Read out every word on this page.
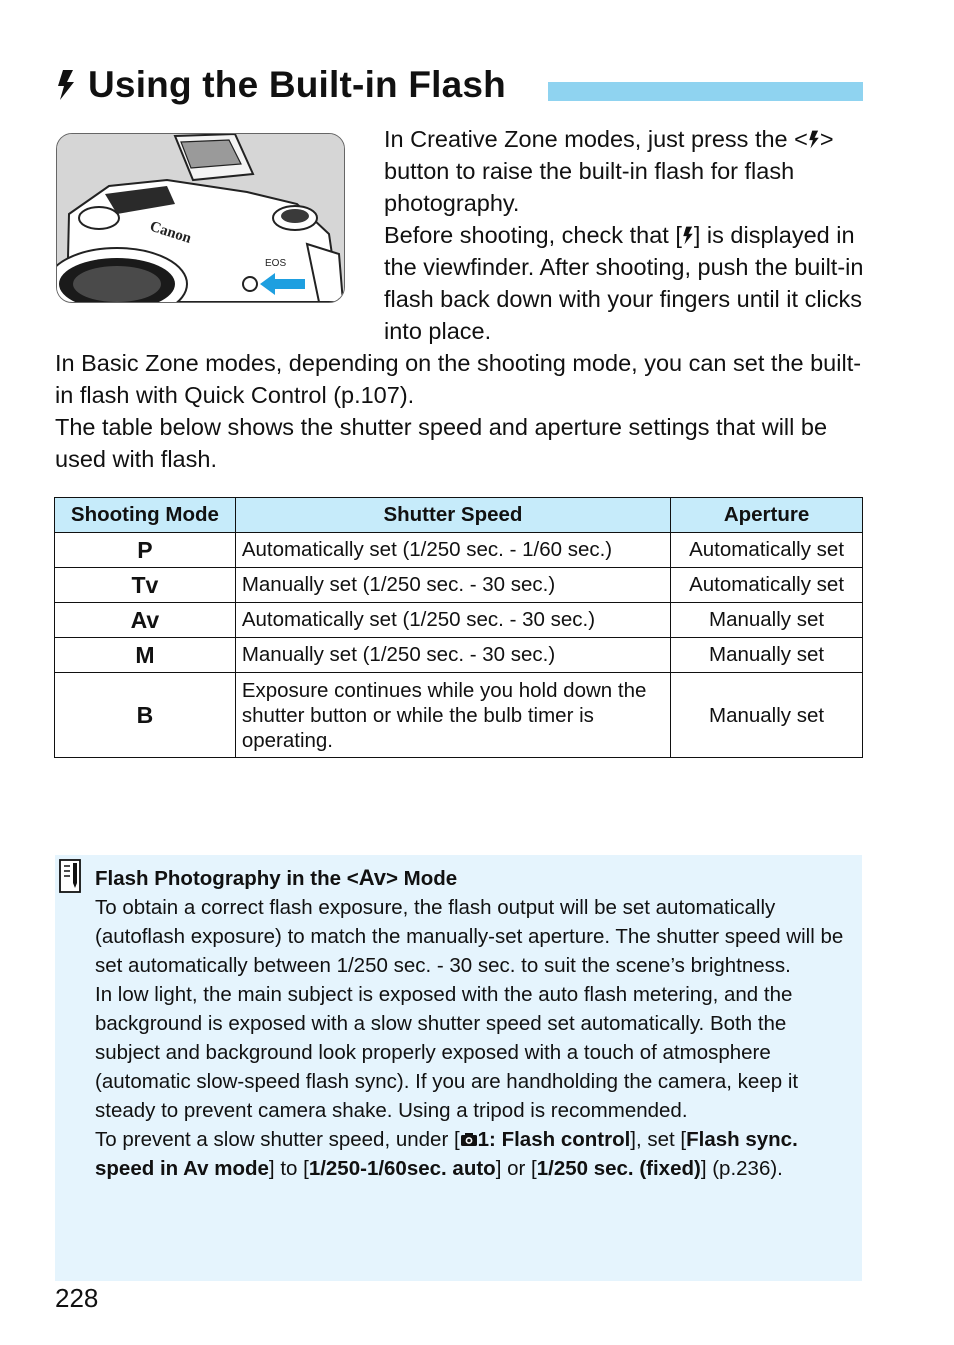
Using the Built-in Flash
Canon
EOS

In Creative Zone modes, just press the < > button to raise the built-in flash for flash photography.

Before shooting, check that [ ] is displayed in the viewfinder. After shooting, push the built-in flash back down with your fingers until it clicks into place.

In Basic Zone modes, depending on the shooting mode, you can set the built-in flash with Quick Control (p.107).

The table below shows the shutter speed and aperture settings that will be used with flash.

Shooting Mode	Shutter Speed	Aperture
P	Automatically set (1/250 sec. - 1/60 sec.)	Automatically set
Tv	Manually set (1/250 sec. - 30 sec.)	Automatically set
Av	Automatically set (1/250 sec. - 30 sec.)	Manually set
M	Manually set (1/250 sec. - 30 sec.)	Manually set
B	Exposure continues while you hold down the shutter button or while the bulb timer is operating.	Manually set

Flash Photography in the <Av> Mode

To obtain a correct flash exposure, the flash output will be set automatically (autoflash exposure) to match the manually-set aperture. The shutter speed will be set automatically between 1/250 sec. - 30 sec. to suit the scene’s brightness.

In low light, the main subject is exposed with the auto flash metering, and the background is exposed with a slow shutter speed set automatically. Both the subject and background look properly exposed with a touch of atmosphere (automatic slow-speed flash sync). If you are handholding the camera, keep it steady to prevent camera shake. Using a tripod is recommended.

To prevent a slow shutter speed, under [ 1: Flash control], set [Flash sync. speed in Av mode] to [1/250-1/60sec. auto] or [1/250 sec. (fixed)] (p.236).

228
